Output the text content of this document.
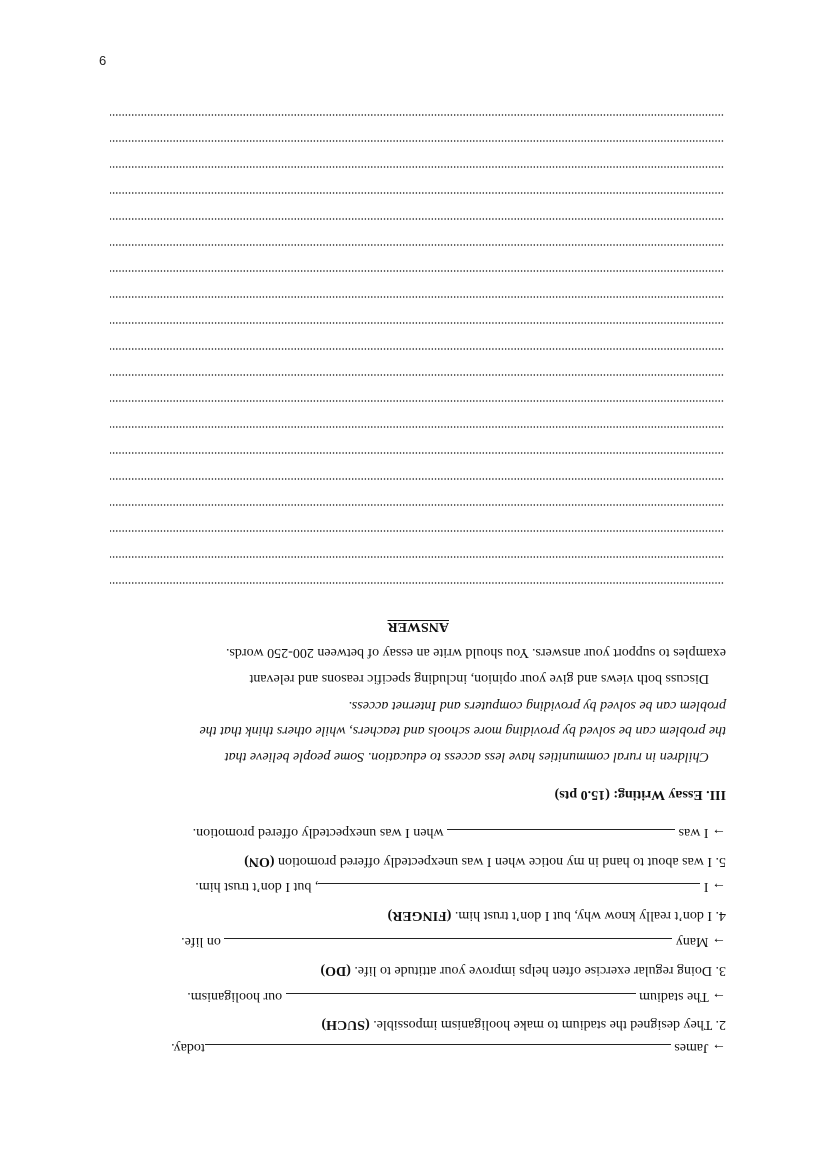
6
→ James today.
2. They designed the stadium to make hooliganism impossible. (SUCH)
→ The stadium  our hooliganism.
3. Doing regular exercise often helps improve your attitude to life. (DO)
→ Many  on life.
4. I don’t really know why, but I don’t trust him. (FINGER)
→ I , but I don’t trust him.
5. I was about to hand in my notice when I was unexpectedly offered promotion (ON)
→ I was  when I was unexpectedly offered promotion.
III. Essay Writing: (15.0 pts)
Children in rural communities have less access to education. Some people believe that
the problem can be solved by providing more schools and teachers, while others think that the
problem can be solved by providing computers and Internet access.
Discuss both views and give your opinion, including specific reasons and relevant
examples to support your answers. You should write an essay of between 200-250 words.
ANSWER
